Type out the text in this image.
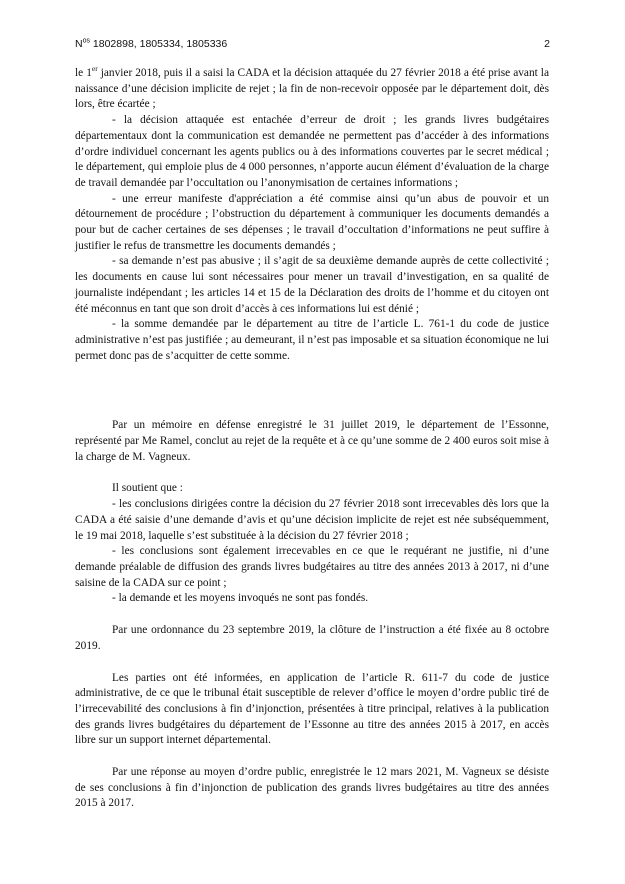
$N^{os}$ 1802898, 1805334, 1805336	2

le 1er janvier 2018, puis il a saisi la CADA et la décision attaquée du 27 février 2018 a été prise avant la naissance d’une décision implicite de rejet ; la fin de non-recevoir opposée par le département doit, dès lors, être écartée ;

- la décision attaquée est entachée d’erreur de droit ; les grands livres budgétaires départementaux dont la communication est demandée ne permettent pas d’accéder à des informations d’ordre individuel concernant les agents publics ou à des informations couvertes par le secret médical ; le département, qui emploie plus de 4 000 personnes, n’apporte aucun élément d’évaluation de la charge de travail demandée par l’occultation ou l’anonymisation de certaines informations ;

- une erreur manifeste d'appréciation a été commise ainsi qu’un abus de pouvoir et un détournement de procédure ; l’obstruction du département à communiquer les documents demandés a pour but de cacher certaines de ses dépenses ; le travail d’occultation d’informations ne peut suffire à justifier le refus de transmettre les documents demandés ;

- sa demande n’est pas abusive ; il s’agit de sa deuxième demande auprès de cette collectivité ; les documents en cause lui sont nécessaires pour mener un travail d’investigation, en sa qualité de journaliste indépendant ; les articles 14 et 15 de la Déclaration des droits de l’homme et du citoyen ont été méconnus en tant que son droit d’accès à ces informations lui est dénié ;

- la somme demandée par le département au titre de l’article L. 761-1 du code de justice administrative n’est pas justifiée ; au demeurant, il n’est pas imposable et sa situation économique ne lui permet donc pas de s’acquitter de cette somme.

Par un mémoire en défense enregistré le 31 juillet 2019, le département de l’Essonne, représenté par Me Ramel, conclut au rejet de la requête et à ce qu’une somme de 2 400 euros soit mise à la charge de M. Vagneux.

Il soutient que :

- les conclusions dirigées contre la décision du 27 février 2018 sont irrecevables dès lors que la CADA a été saisie d’une demande d’avis et qu’une décision implicite de rejet est née subséquemment, le 19 mai 2018, laquelle s’est substituée à la décision du 27 février 2018 ;

- les conclusions sont également irrecevables en ce que le requérant ne justifie, ni d’une demande préalable de diffusion des grands livres budgétaires au titre des années 2013 à 2017, ni d’une saisine de la CADA sur ce point ;

- la demande et les moyens invoqués ne sont pas fondés.

Par une ordonnance du 23 septembre 2019, la clôture de l’instruction a été fixée au 8 octobre 2019.

Les parties ont été informées, en application de l’article R. 611-7 du code de justice administrative, de ce que le tribunal était susceptible de relever d’office le moyen d’ordre public tiré de l’irrecevabilité des conclusions à fin d’injonction, présentées à titre principal, relatives à la publication des grands livres budgétaires du département de l’Essonne au titre des années 2015 à 2017, en accès libre sur un support internet départemental.

Par une réponse au moyen d’ordre public, enregistrée le 12 mars 2021, M. Vagneux se désiste de ses conclusions à fin d’injonction de publication des grands livres budgétaires au titre des années 2015 à 2017.
